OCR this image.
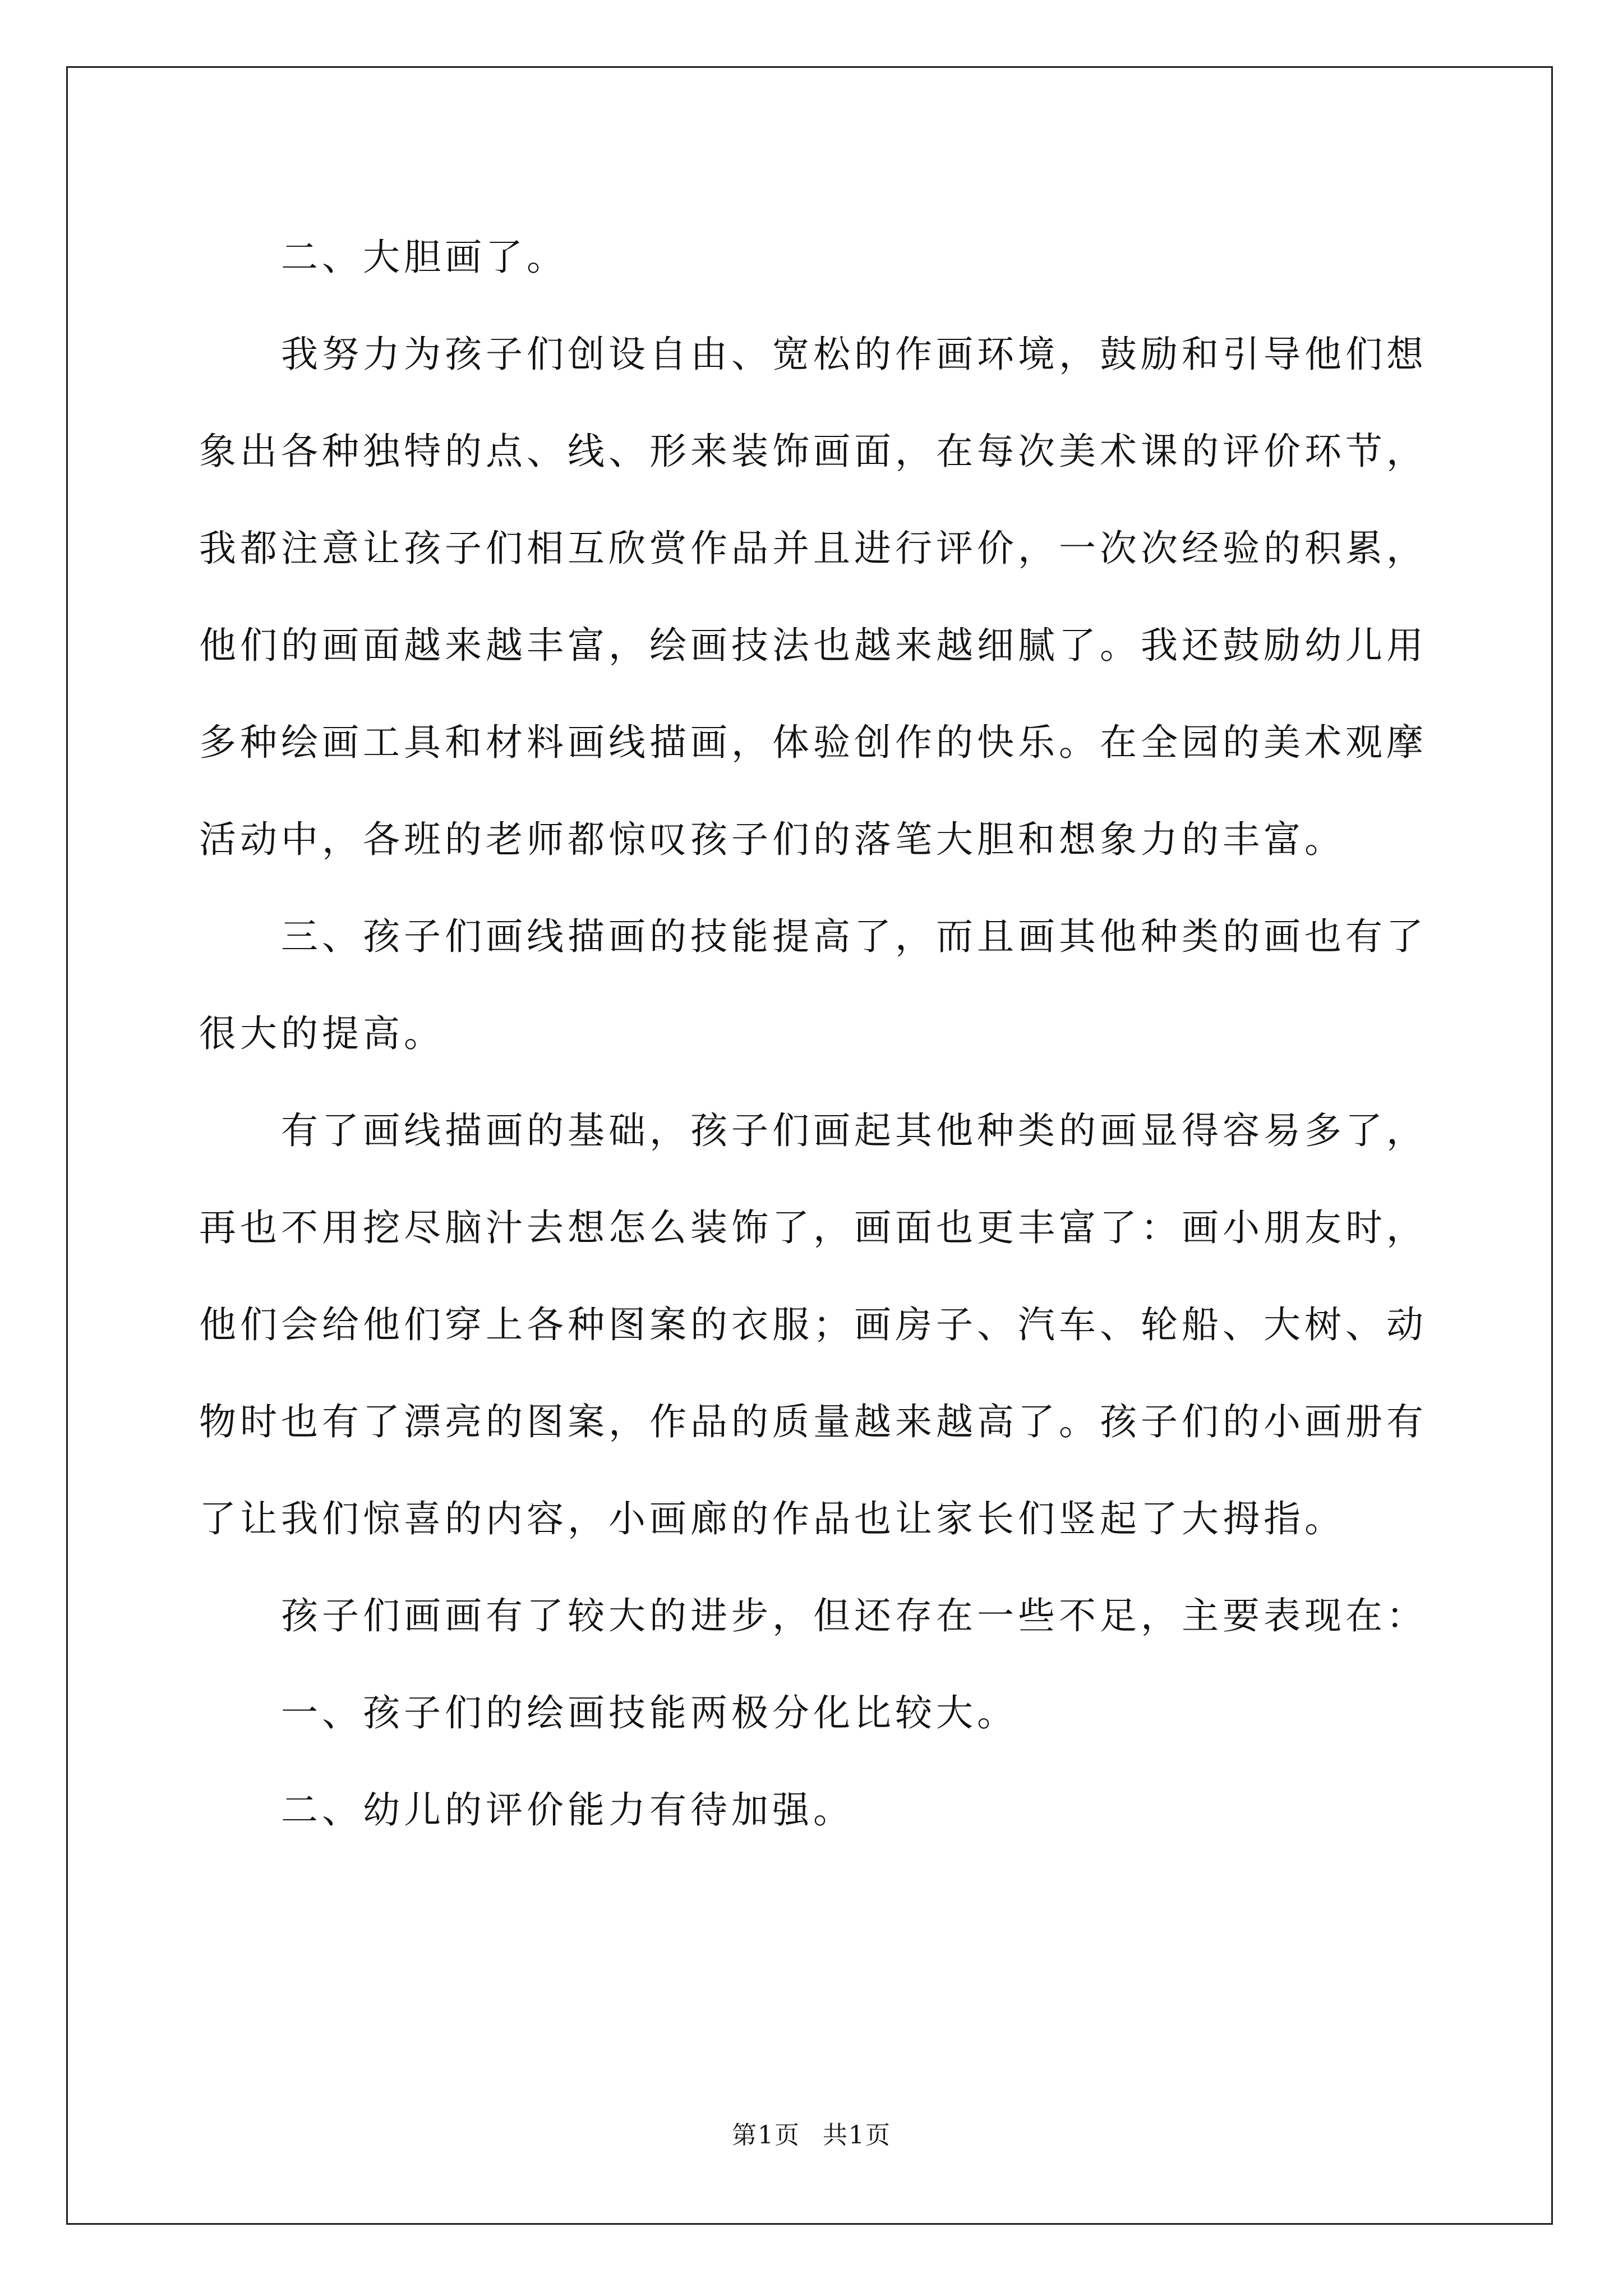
二、大胆画了。

我努力为孩子们创设自由、宽松的作画环境，鼓励和引导他们想象出各种独特的点、线、形来装饰画面，在每次美术课的评价环节，我都注意让孩子们相互欣赏作品并且进行评价，一次次经验的积累，他们的画面越来越丰富，绘画技法也越来越细腻了。我还鼓励幼儿用多种绘画工具和材料画线描画，体验创作的快乐。在全园的美术观摩活动中，各班的老师都惊叹孩子们的落笔大胆和想象力的丰富。

三、孩子们画线描画的技能提高了，而且画其他种类的画也有了很大的提高。

有了画线描画的基础，孩子们画起其他种类的画显得容易多了，再也不用挖尽脑汁去想怎么装饰了，画面也更丰富了：画小朋友时，他们会给他们穿上各种图案的衣服；画房子、汽车、轮船、大树、动物时也有了漂亮的图案，作品的质量越来越高了。孩子们的小画册有了让我们惊喜的内容，小画廊的作品也让家长们竖起了大拇指。

孩子们画画有了较大的进步，但还存在一些不足，主要表现在：

一、孩子们的绘画技能两极分化比较大。

二、幼儿的评价能力有待加强。

第1页 共1页
